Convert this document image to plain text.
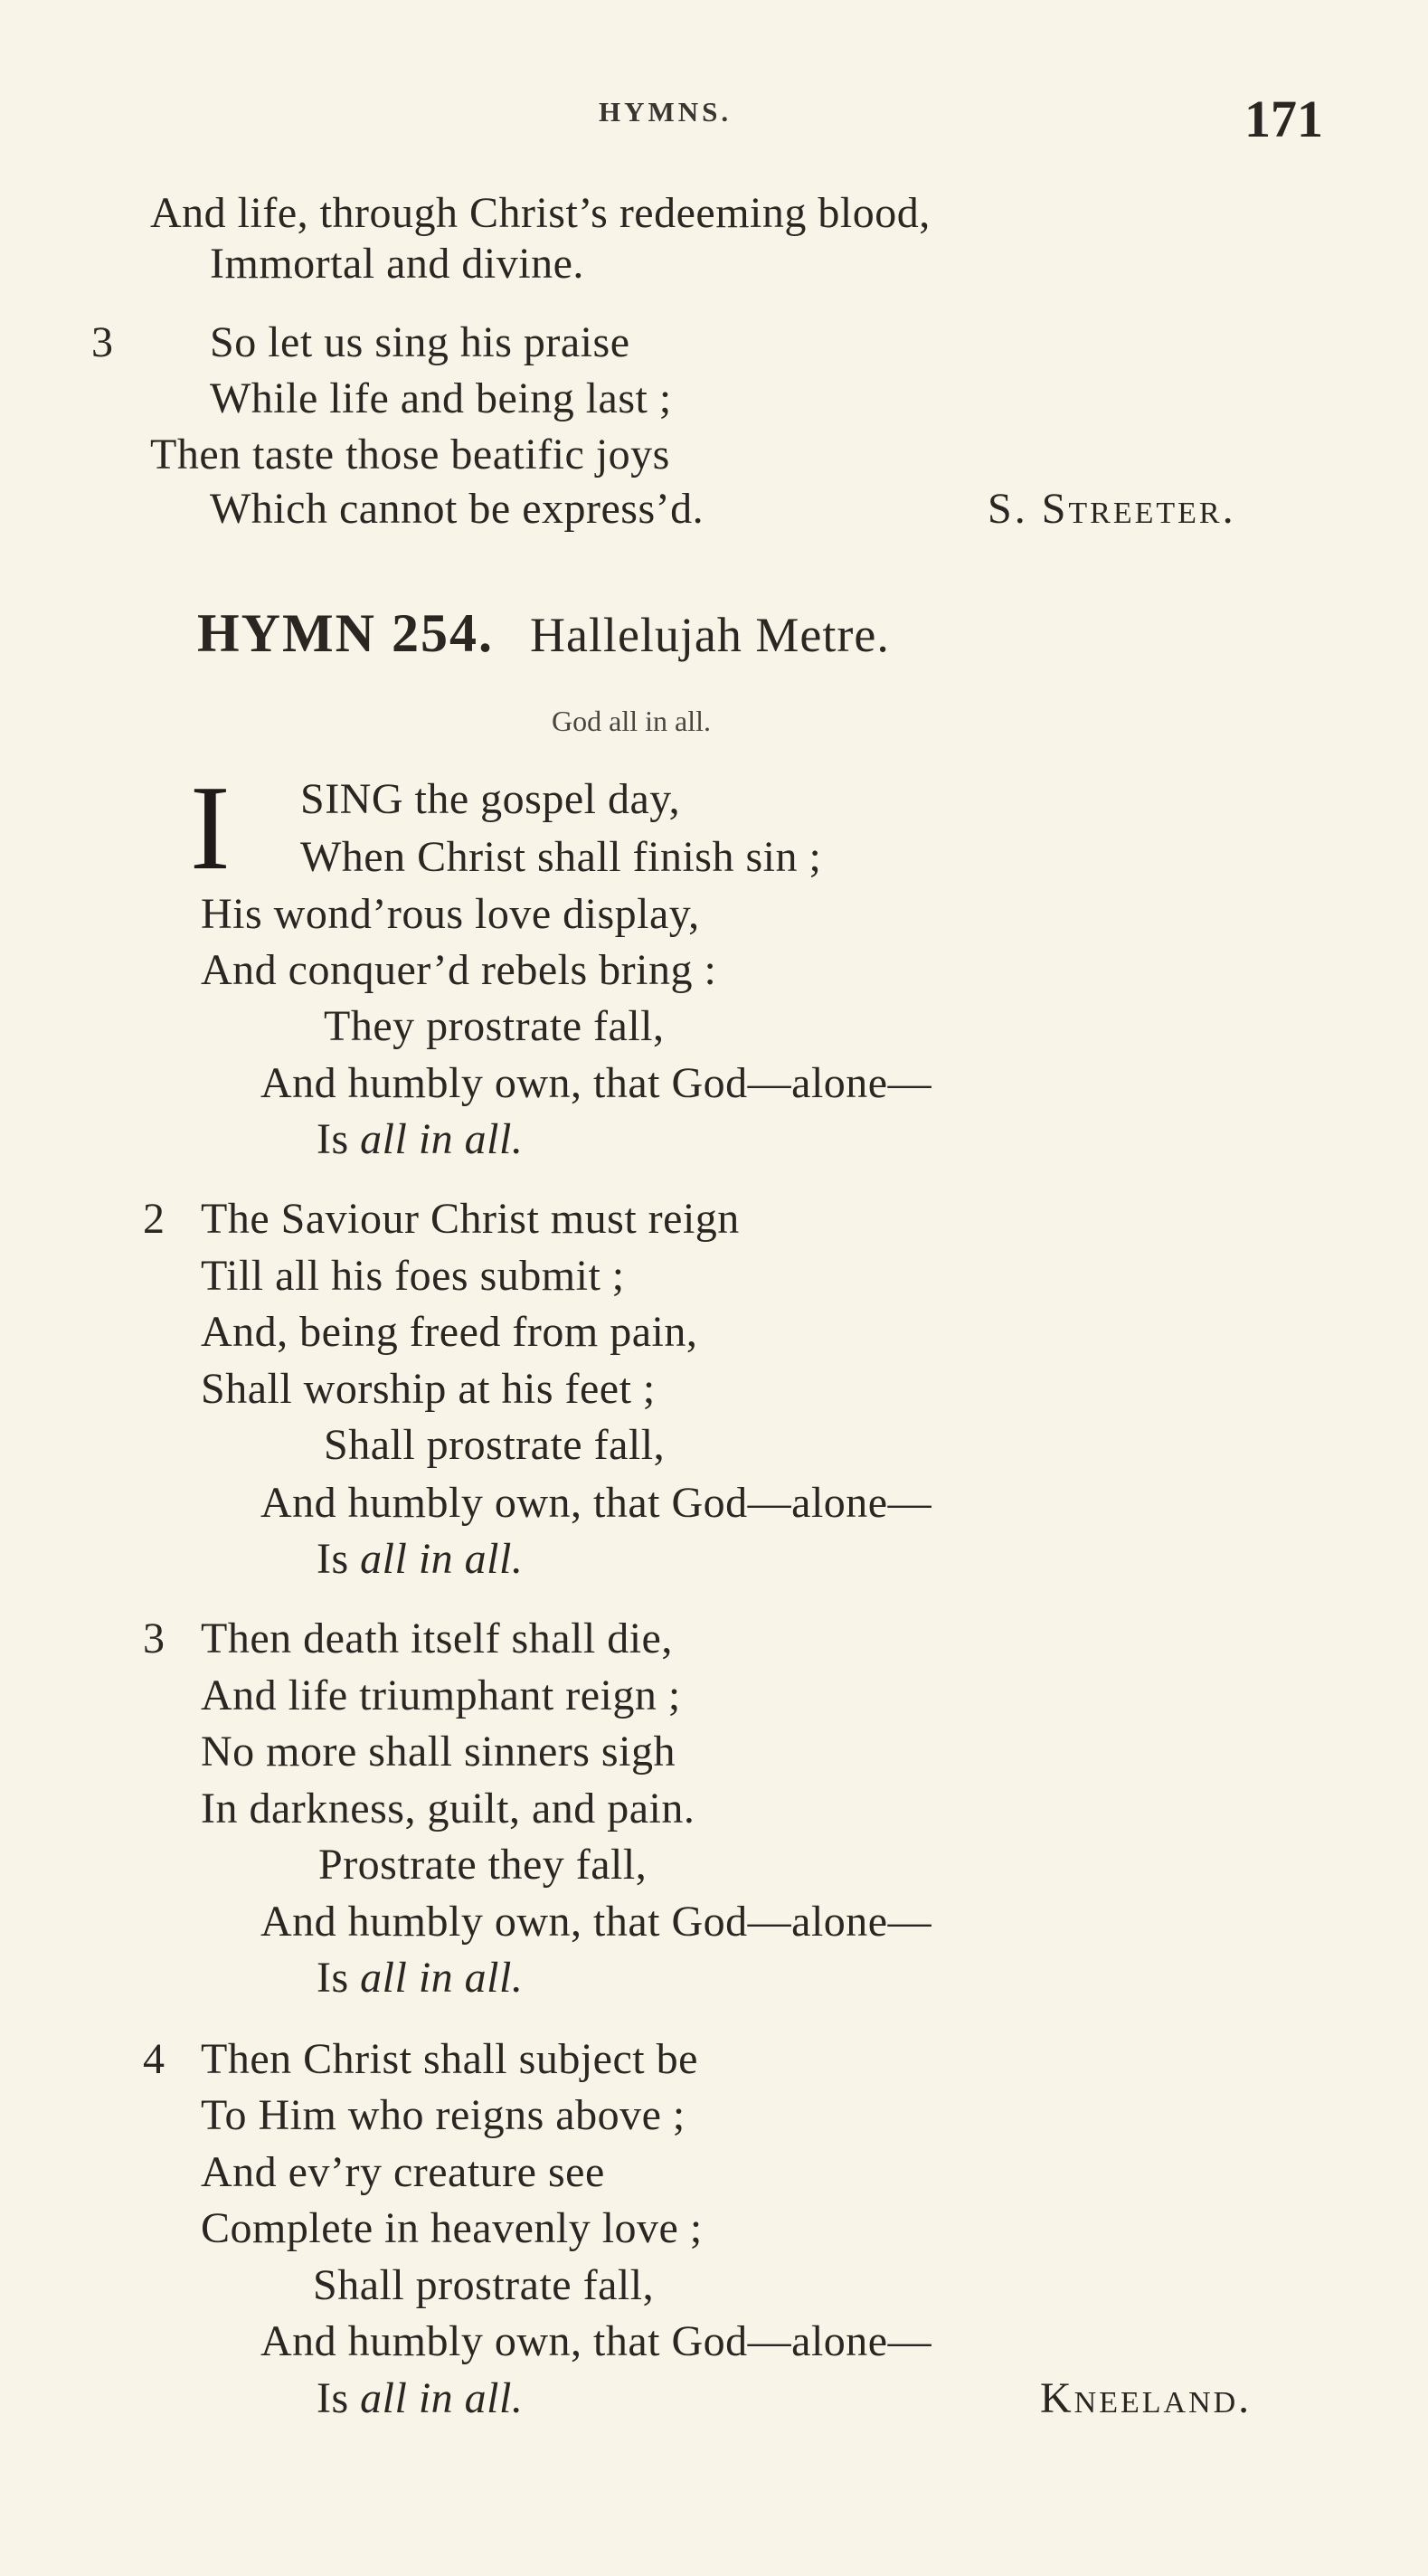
HYMNS.	171
And life, through Christ’s redeeming blood,
Immortal and divine.
3 So let us sing his praise
While life and being last ;
Then taste those beatific joys
Which cannot be express’d.	S. Streeter.
HYMN 254. Hallelujah Metre.
God all in all.
I SING the gospel day,
When Christ shall finish sin ;
His wond’rous love display,
And conquer’d rebels bring :
They prostrate fall,
And humbly own, that God—alone—
Is all in all.
2 The Saviour Christ must reign
Till all his foes submit ;
And, being freed from pain,
Shall worship at his feet ;
Shall prostrate fall,
And humbly own, that God—alone—
Is all in all.
3 Then death itself shall die,
And life triumphant reign ;
No more shall sinners sigh
In darkness, guilt, and pain.
Prostrate they fall,
And humbly own, that God—alone—
Is all in all.
4 Then Christ shall subject be
To Him who reigns above ;
And ev’ry creature see
Complete in heavenly love ;
Shall prostrate fall,
And humbly own, that God—alone—
Is all in all.	Kneeland.
